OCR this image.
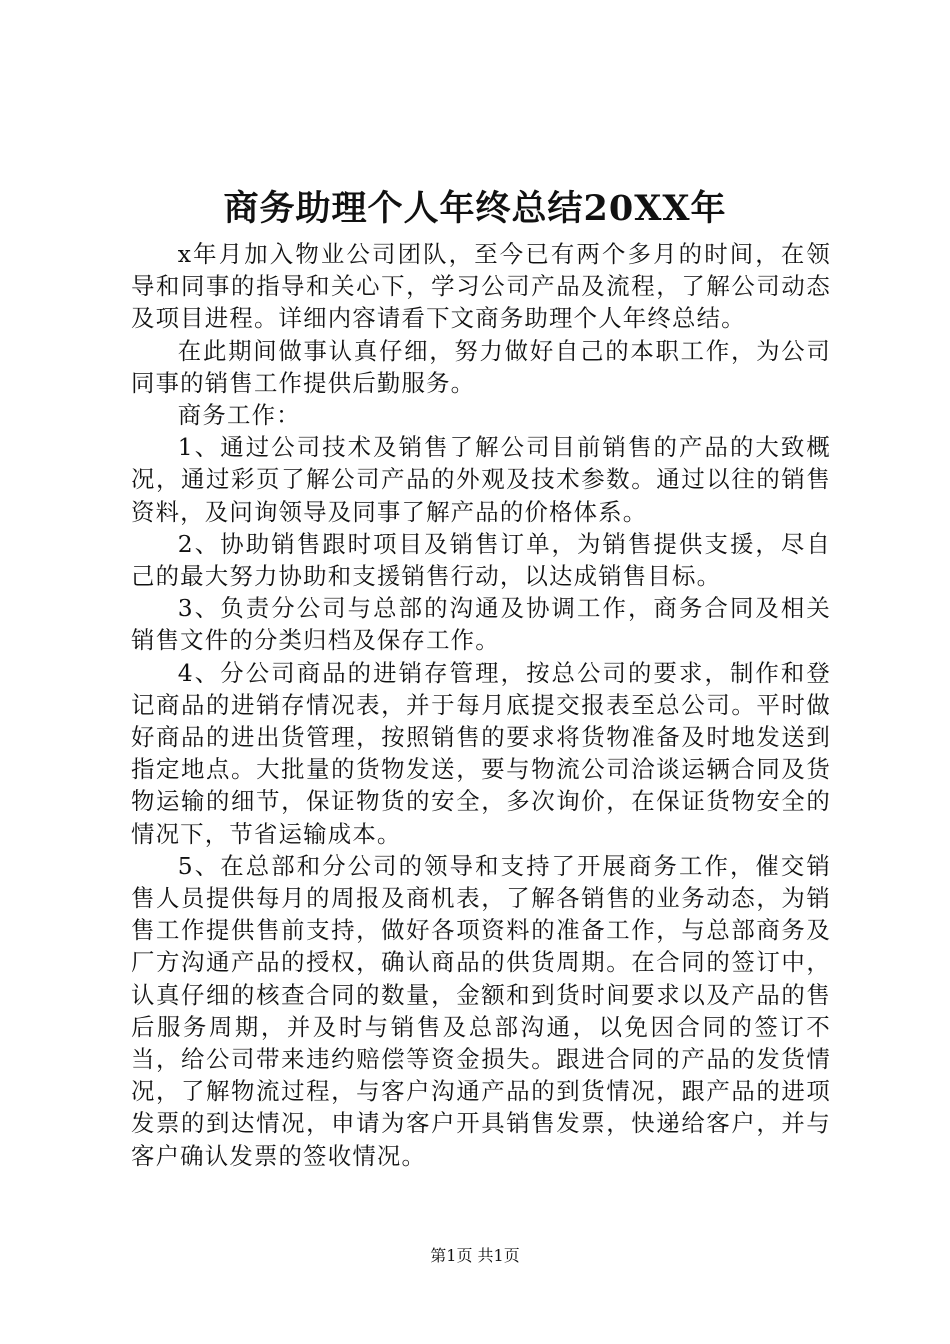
商务助理个人年终总结20XX年

x年月加入物业公司团队，至今已有两个多月的时间，在领导和同事的指导和关心下，学习公司产品及流程，了解公司动态及项目进程。详细内容请看下文商务助理个人年终总结。

在此期间做事认真仔细，努力做好自己的本职工作，为公司同事的销售工作提供后勤服务。

商务工作：

1、通过公司技术及销售了解公司目前销售的产品的大致概况，通过彩页了解公司产品的外观及技术参数。通过以往的销售资料，及问询领导及同事了解产品的价格体系。

2、协助销售跟时项目及销售订单，为销售提供支援，尽自己的最大努力协助和支援销售行动，以达成销售目标。

3、负责分公司与总部的沟通及协调工作，商务合同及相关销售文件的分类归档及保存工作。

4、分公司商品的进销存管理，按总公司的要求，制作和登记商品的进销存情况表，并于每月底提交报表至总公司。平时做好商品的进出货管理，按照销售的要求将货物准备及时地发送到指定地点。大批量的货物发送，要与物流公司洽谈运辆合同及货物运输的细节，保证物货的安全，多次询价，在保证货物安全的情况下，节省运输成本。

5、在总部和分公司的领导和支持了开展商务工作，催交销售人员提供每月的周报及商机表，了解各销售的业务动态，为销售工作提供售前支持，做好各项资料的准备工作，与总部商务及厂方沟通产品的授权，确认商品的供货周期。在合同的签订中，认真仔细的核查合同的数量，金额和到货时间要求以及产品的售后服务周期，并及时与销售及总部沟通，以免因合同的签订不当，给公司带来违约赔偿等资金损失。跟进合同的产品的发货情况，了解物流过程，与客户沟通产品的到货情况，跟产品的进项发票的到达情况，申请为客户开具销售发票，快递给客户，并与客户确认发票的签收情况。

第1页 共1页
